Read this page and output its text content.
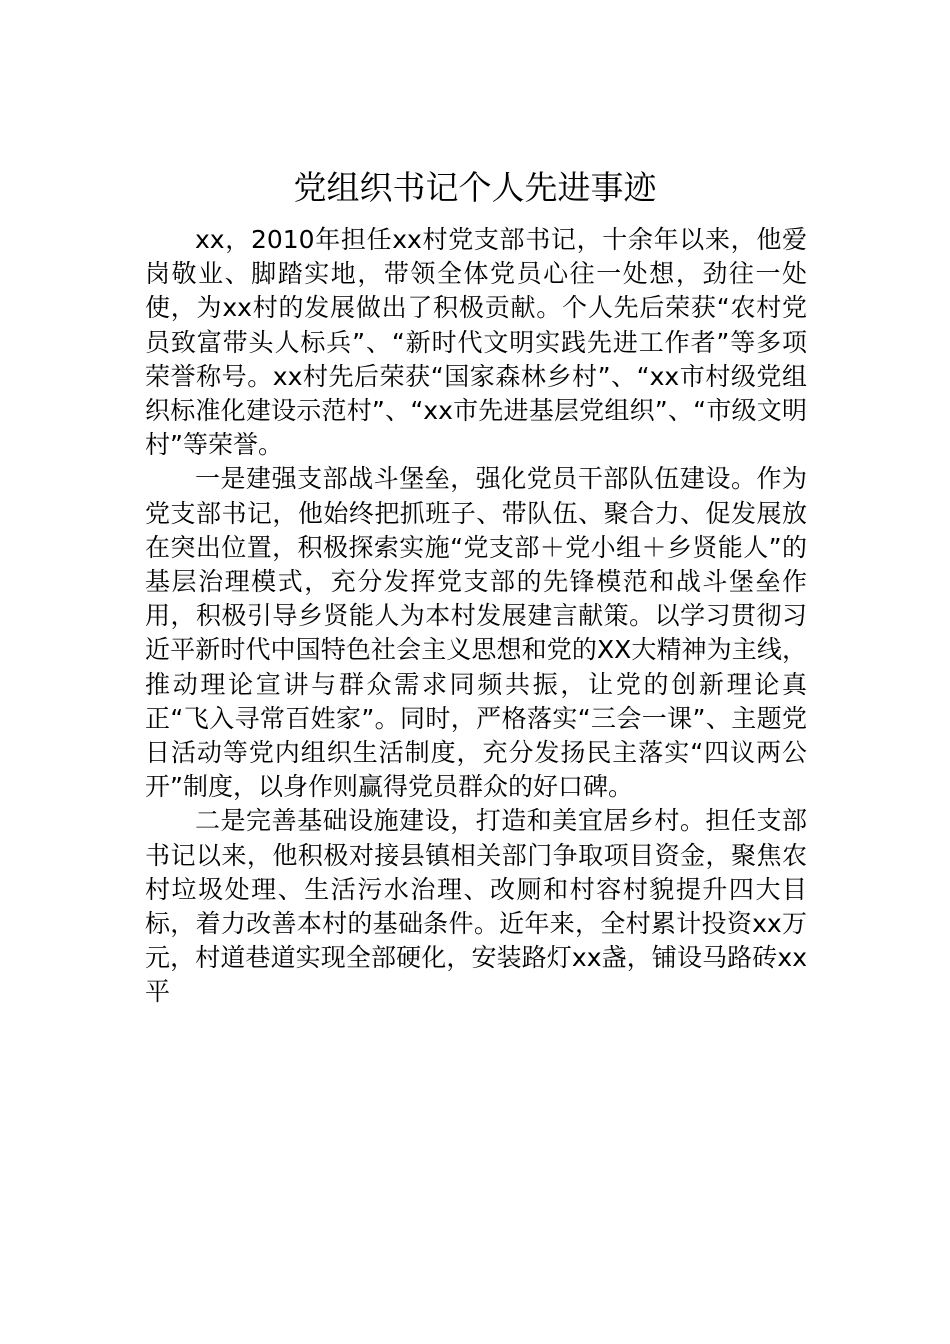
党组织书记个人先进事迹

xx，2010年担任xx村党支部书记，十余年以来，他爱岗敬业、脚踏实地，带领全体党员心往一处想，劲往一处使，为xx村的发展做出了积极贡献。个人先后荣获“农村党员致富带头人标兵”、“新时代文明实践先进工作者”等多项荣誉称号。xx村先后荣获“国家森林乡村”、“xx市村级党组织标准化建设示范村”、“xx市先进基层党组织”、“市级文明村”等荣誉。

一是建强支部战斗堡垒，强化党员干部队伍建设。作为党支部书记，他始终把抓班子、带队伍、聚合力、促发展放在突出位置，积极探索实施“党支部＋党小组＋乡贤能人”的基层治理模式，充分发挥党支部的先锋模范和战斗堡垒作用，积极引导乡贤能人为本村发展建言献策。以学习贯彻习近平新时代中国特色社会主义思想和党的XX大精神为主线，推动理论宣讲与群众需求同频共振，让党的创新理论真正“飞入寻常百姓家”。同时，严格落实“三会一课”、主题党日活动等党内组织生活制度，充分发扬民主落实“四议两公开”制度，以身作则赢得党员群众的好口碑。

二是完善基础设施建设，打造和美宜居乡村。担任支部书记以来，他积极对接县镇相关部门争取项目资金，聚焦农村垃圾处理、生活污水治理、改厕和村容村貌提升四大目标，着力改善本村的基础条件。近年来，全村累计投资xx万元，村道巷道实现全部硬化，安装路灯xx盏，铺设马路砖xx平
